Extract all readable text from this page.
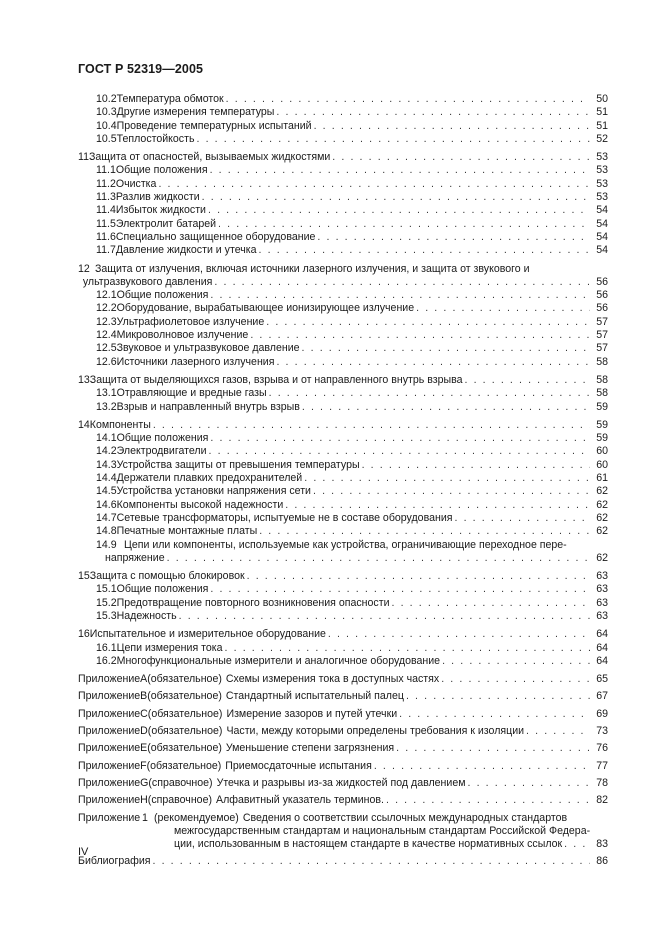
ГОСТ Р 52319—2005
10.2 Температура обмоток . . .	50
10.3 Другие измерения температуры . . .	51
10.4 Проведение температурных испытаний . . .	51
10.5 Теплостойкость . . .	52
11 Защита от опасностей, вызываемых жидкостями . . .	53
11.1 Общие положения . . .	53
11.2 Очистка . . .	53
11.3 Разлив жидкости . . .	53
11.4 Избыток жидкости . . .	54
11.5 Электролит батарей . . .	54
11.6 Специально защищенное оборудование . . .	54
11.7 Давление жидкости и утечка . . .	54
12 Защита от излучения, включая источники лазерного излучения, и защита от звукового и
ультразвукового давления . . .	56
12.1 Общие положения . . .	56
12.2 Оборудование, вырабатывающее ионизирующее излучение . . .	56
12.3 Ультрафиолетовое излучение . . .	57
12.4 Микроволновое излучение . . .	57
12.5 Звуковое и ультразвуковое давление . . .	57
12.6 Источники лазерного излучения . . .	58
13 Защита от выделяющихся газов, взрыва и от направленного внутрь взрыва . . .	58
13.1 Отравляющие и вредные газы . . .	58
13.2 Взрыв и направленный внутрь взрыв . . .	59
14 Компоненты . . .	59
14.1 Общие положения . . .	59
14.2 Электродвигатели . . .	60
14.3 Устройства защиты от превышения температуры . . .	60
14.4 Держатели плавких предохранителей . . .	61
14.5 Устройства установки напряжения сети . . .	62
14.6 Компоненты высокой надежности . . .	62
14.7 Сетевые трансформаторы, испытуемые не в составе оборудования . . .	62
14.8 Печатные монтажные платы . . .	62
14.9 Цепи или компоненты, используемые как устройства, ограничивающие переходное пере-
напряжение . . .	62
15 Защита с помощью блокировок . . .	63
15.1 Общие положения . . .	63
15.2 Предотвращение повторного возникновения опасности . . .	63
15.3 Надежность . . .	63
16 Испытательное и измерительное оборудование . . .	64
16.1 Цепи измерения тока . . .	64
16.2 Многофункциональные измерители и аналогичное оборудование . . .	64
Приложение А (обязательное) Схемы измерения тока в доступных частях . . .	65
Приложение В (обязательное) Стандартный испытательный палец . . .	67
Приложение С (обязательное) Измерение зазоров и путей утечки . . .	69
Приложение D (обязательное) Части, между которыми определены требования к изоляции . . .	73
Приложение Е (обязательное) Уменьшение степени загрязнения . . .	76
Приложение F (обязательное) Приемосдаточные испытания . . .	77
Приложение G (справочное) Утечка и разрывы из-за жидкостей под давлением . . .	78
Приложение Н (справочное) Алфавитный указатель терминов. . . .	82
Приложение 1 (рекомендуемое) Сведения о соответствии ссылочных международных стандартов
межгосударственным стандартам и национальным стандартам Российской Федера-
ции, использованным в настоящем стандарте в качестве нормативных ссылок . . .	83
Библиография . . .	86
IV
